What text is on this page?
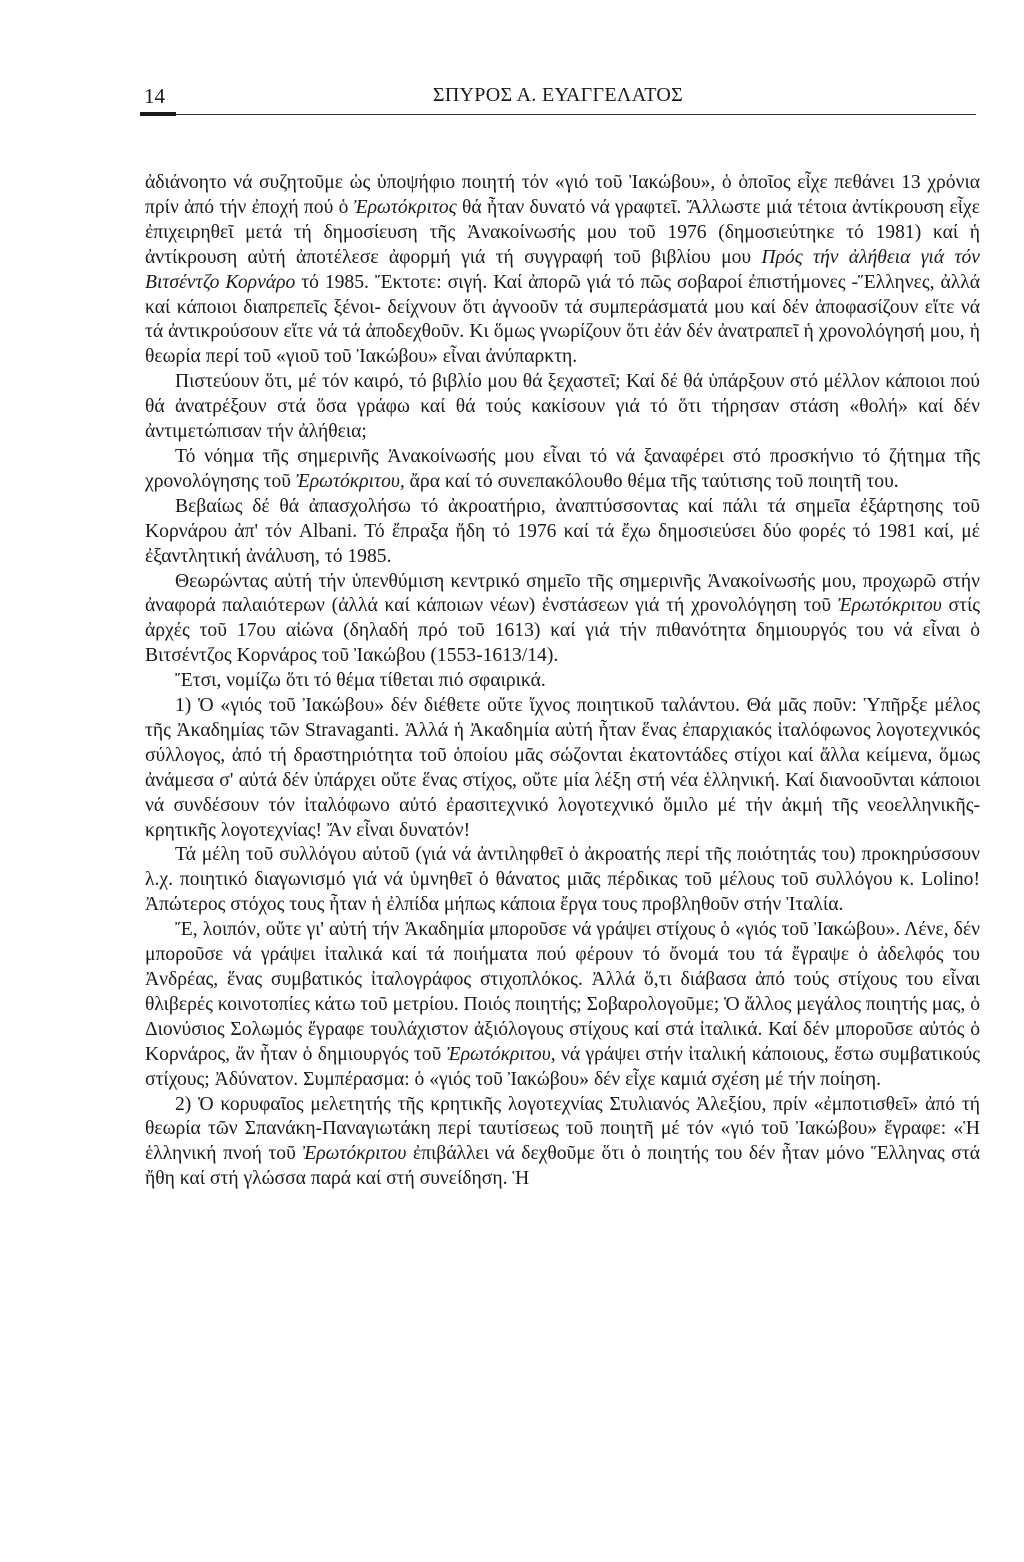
14	ΣΠΥΡΟΣ Α. ΕΥΑΓΓΕΛΑΤΟΣ

ἀδιάνοητο νά συζητοῦμε ὡς ὑποψήφιο ποιητή τόν «γιό τοῦ Ἰακώβου», ὁ ὁποῖος εἶχε πεθάνει 13 χρόνια πρίν ἀπό τήν ἐποχή πού ὁ Ἐρωτόκριτος θά ἦταν δυνατό νά γραφτεῖ. Ἄλλωστε μιά τέτοια ἀντίκρουση εἶχε ἐπιχειρηθεῖ μετά τή δημοσίευση τῆς Ἀνακοίνωσής μου τοῦ 1976 (δημοσιεύτηκε τό 1981) καί ἡ ἀντίκρουση αὐτή ἀποτέλεσε ἀφορμή γιά τή συγγραφή τοῦ βιβλίου μου Πρός τήν ἀλήθεια γιά τόν Βιτσέντζο Κορνάρο τό 1985. Ἔκτοτε: σιγή. Καί ἀπορῶ γιά τό πῶς σοβαροί ἐπιστήμονες -Ἕλληνες, ἀλλά καί κάποιοι διαπρεπεῖς ξένοι- δείχνουν ὅτι ἀγνοοῦν τά συμπεράσματά μου καί δέν ἀποφασίζουν εἴτε νά τά ἀντικρούσουν εἴτε νά τά ἀποδεχθοῦν. Κι ὅμως γνωρίζουν ὅτι ἐάν δέν ἀνατραπεῖ ἡ χρονολόγησή μου, ἡ θεωρία περί τοῦ «γιοῦ τοῦ Ἰακώβου» εἶναι ἀνύπαρκτη.

Πιστεύουν ὅτι, μέ τόν καιρό, τό βιβλίο μου θά ξεχαστεῖ; Καί δέ θά ὑπάρξουν στό μέλλον κάποιοι πού θά ἀνατρέξουν στά ὅσα γράφω καί θά τούς κακίσουν γιά τό ὅτι τήρησαν στάση «θολή» καί δέν ἀντιμετώπισαν τήν ἀλήθεια;

Τό νόημα τῆς σημερινῆς Ἀνακοίνωσής μου εἶναι τό νά ξαναφέρει στό προσκήνιο τό ζήτημα τῆς χρονολόγησης τοῦ Ἐρωτόκριτου, ἄρα καί τό συνεπακόλουθο θέμα τῆς ταύτισης τοῦ ποιητῆ του.

Βεβαίως δέ θά ἀπασχολήσω τό ἀκροατήριο, ἀναπτύσσοντας καί πάλι τά σημεῖα ἐξάρτησης τοῦ Κορνάρου ἀπ' τόν Albani. Τό ἔπραξα ἤδη τό 1976 καί τά ἔχω δημοσιεύσει δύο φορές τό 1981 καί, μέ ἐξαντλητική ἀνάλυση, τό 1985.

Θεωρώντας αὐτή τήν ὑπενθύμιση κεντρικό σημεῖο τῆς σημερινῆς Ἀνακοίνωσής μου, προχωρῶ στήν ἀναφορά παλαιότερων (ἀλλά καί κάποιων νέων) ἐνστάσεων γιά τή χρονολόγηση τοῦ Ἐρωτόκριτου στίς ἀρχές τοῦ 17ου αἰώνα (δηλαδή πρό τοῦ 1613) καί γιά τήν πιθανότητα δημιουργός του νά εἶναι ὁ Βιτσέντζος Κορνάρος τοῦ Ἰακώβου (1553-1613/14).

Ἔτσι, νομίζω ὅτι τό θέμα τίθεται πιό σφαιρικά.

1) Ὁ «γιός τοῦ Ἰακώβου» δέν διέθετε οὔτε ἴχνος ποιητικοῦ ταλάντου. Θά μᾶς ποῦν: Ὑπῆρξε μέλος τῆς Ἀκαδημίας τῶν Stravaganti. Ἀλλά ἡ Ἀκαδημία αὐτή ἦταν ἕνας ἐπαρχιακός ἰταλόφωνος λογοτεχνικός σύλλογος, ἀπό τή δραστηριότητα τοῦ ὁποίου μᾶς σώζονται ἑκατοντάδες στίχοι καί ἄλλα κείμενα, ὅμως ἀνάμεσα σ' αὐτά δέν ὑπάρχει οὔτε ἕνας στίχος, οὔτε μία λέξη στή νέα ἑλληνική. Καί διανοοῦνται κάποιοι νά συνδέσουν τόν ἰταλόφωνο αὐτό ἐρασιτεχνικό λογοτεχνικό ὅμιλο μέ τήν ἀκμή τῆς νεοελληνικῆς-κρητικῆς λογοτεχνίας! Ἄν εἶναι δυνατόν!

Τά μέλη τοῦ συλλόγου αὐτοῦ (γιά νά ἀντιληφθεῖ ὁ ἀκροατής περί τῆς ποιότητάς του) προκηρύσσουν λ.χ. ποιητικό διαγωνισμό γιά νά ὑμνηθεῖ ὁ θάνατος μιᾶς πέρδικας τοῦ μέλους τοῦ συλλόγου κ. Lolino! Ἀπώτερος στόχος τους ἦταν ἡ ἐλπίδα μήπως κάποια ἔργα τους προβληθοῦν στήν Ἰταλία.

Ἔ, λοιπόν, οὔτε γι' αὐτή τήν Ἀκαδημία μποροῦσε νά γράψει στίχους ὁ «γιός τοῦ Ἰακώβου». Λένε, δέν μποροῦσε νά γράψει ἰταλικά καί τά ποιήματα πού φέρουν τό ὄνομά του τά ἔγραψε ὁ ἀδελφός του Ἀνδρέας, ἕνας συμβατικός ἰταλογράφος στιχοπλόκος. Ἀλλά ὅ,τι διάβασα ἀπό τούς στίχους του εἶναι θλιβερές κοινοτοπίες κάτω τοῦ μετρίου. Ποιός ποιητής; Σοβαρολογοῦμε; Ὁ ἄλλος μεγάλος ποιητής μας, ὁ Διονύσιος Σολωμός ἔγραφε τουλάχιστον ἀξιόλογους στίχους καί στά ἰταλικά. Καί δέν μποροῦσε αὐτός ὁ Κορνάρος, ἄν ἦταν ὁ δημιουργός τοῦ Ἐρωτόκριτου, νά γράψει στήν ἰταλική κάποιους, ἔστω συμβατικούς στίχους; Ἀδύνατον. Συμπέρασμα: ὁ «γιός τοῦ Ἰακώβου» δέν εἶχε καμιά σχέση μέ τήν ποίηση.

2) Ὁ κορυφαῖος μελετητής τῆς κρητικῆς λογοτεχνίας Στυλιανός Ἀλεξίου, πρίν «ἐμποτισθεῖ» ἀπό τή θεωρία τῶν Σπανάκη-Παναγιωτάκη περί ταυτίσεως τοῦ ποιητῆ μέ τόν «γιό τοῦ Ἰακώβου» ἔγραφε: «Ἡ ἑλληνική πνοή τοῦ Ἐρωτόκριτου ἐπιβάλλει νά δεχθοῦμε ὅτι ὁ ποιητής του δέν ἦταν μόνο Ἕλληνας στά ἤθη καί στή γλώσσα παρά καί στή συνείδηση. Ἡ
